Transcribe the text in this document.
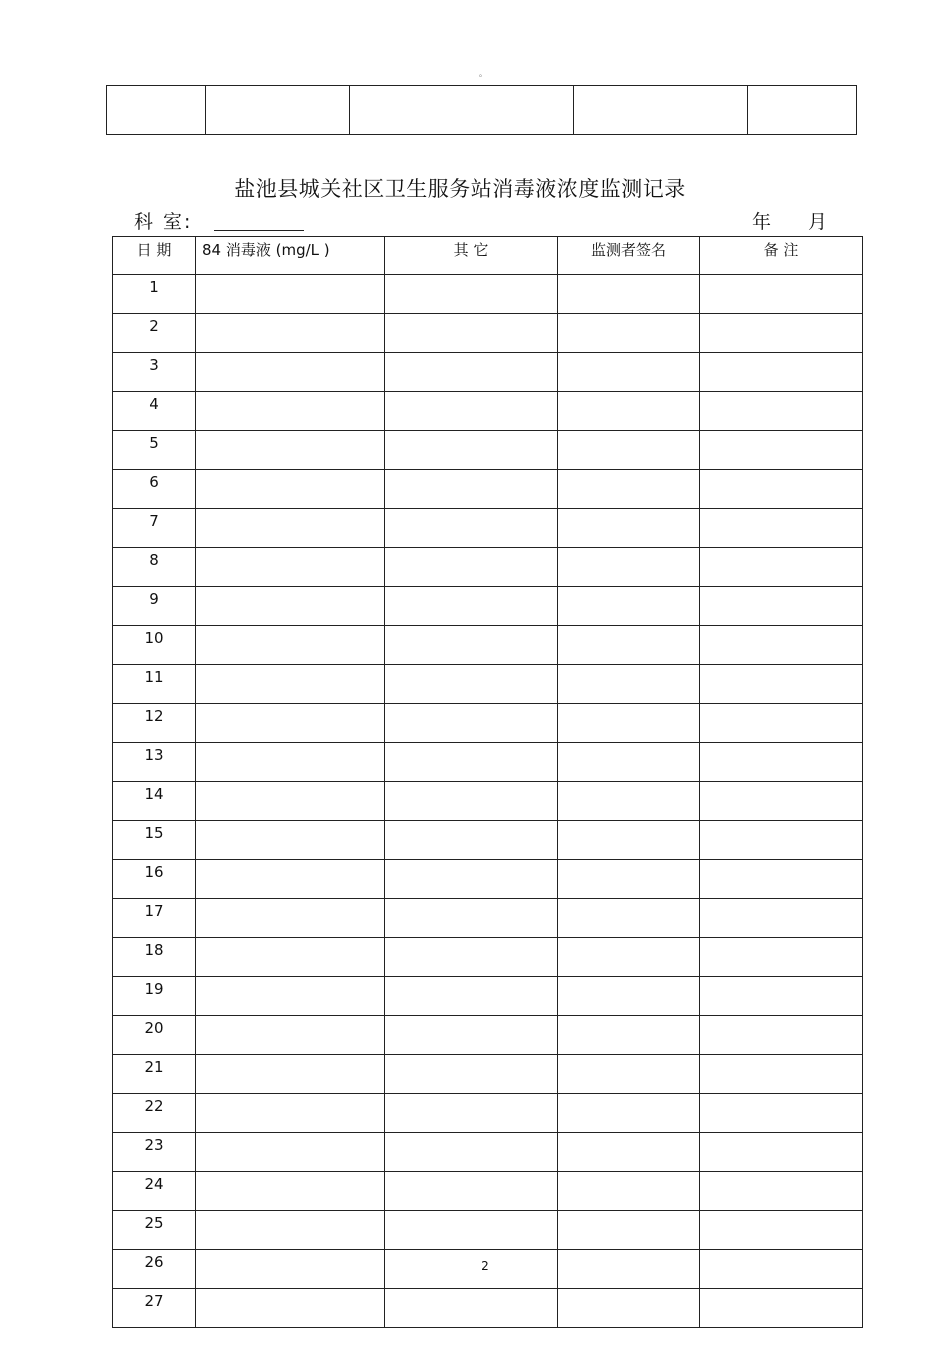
。

盐池县城关社区卫生服务站消毒液浓度监测记录
科 室:	年 月
日 期	84 消毒液 (mg/L )	其 它	监测者签名	备 注
1				
2				
3				
4				
5				
6				
7				
8				
9				
10				
11				
12				
13				
14				
15				
16				
17				
18				
19				
20				
21				
22				
23				
24				
25				
26				
27				
2
